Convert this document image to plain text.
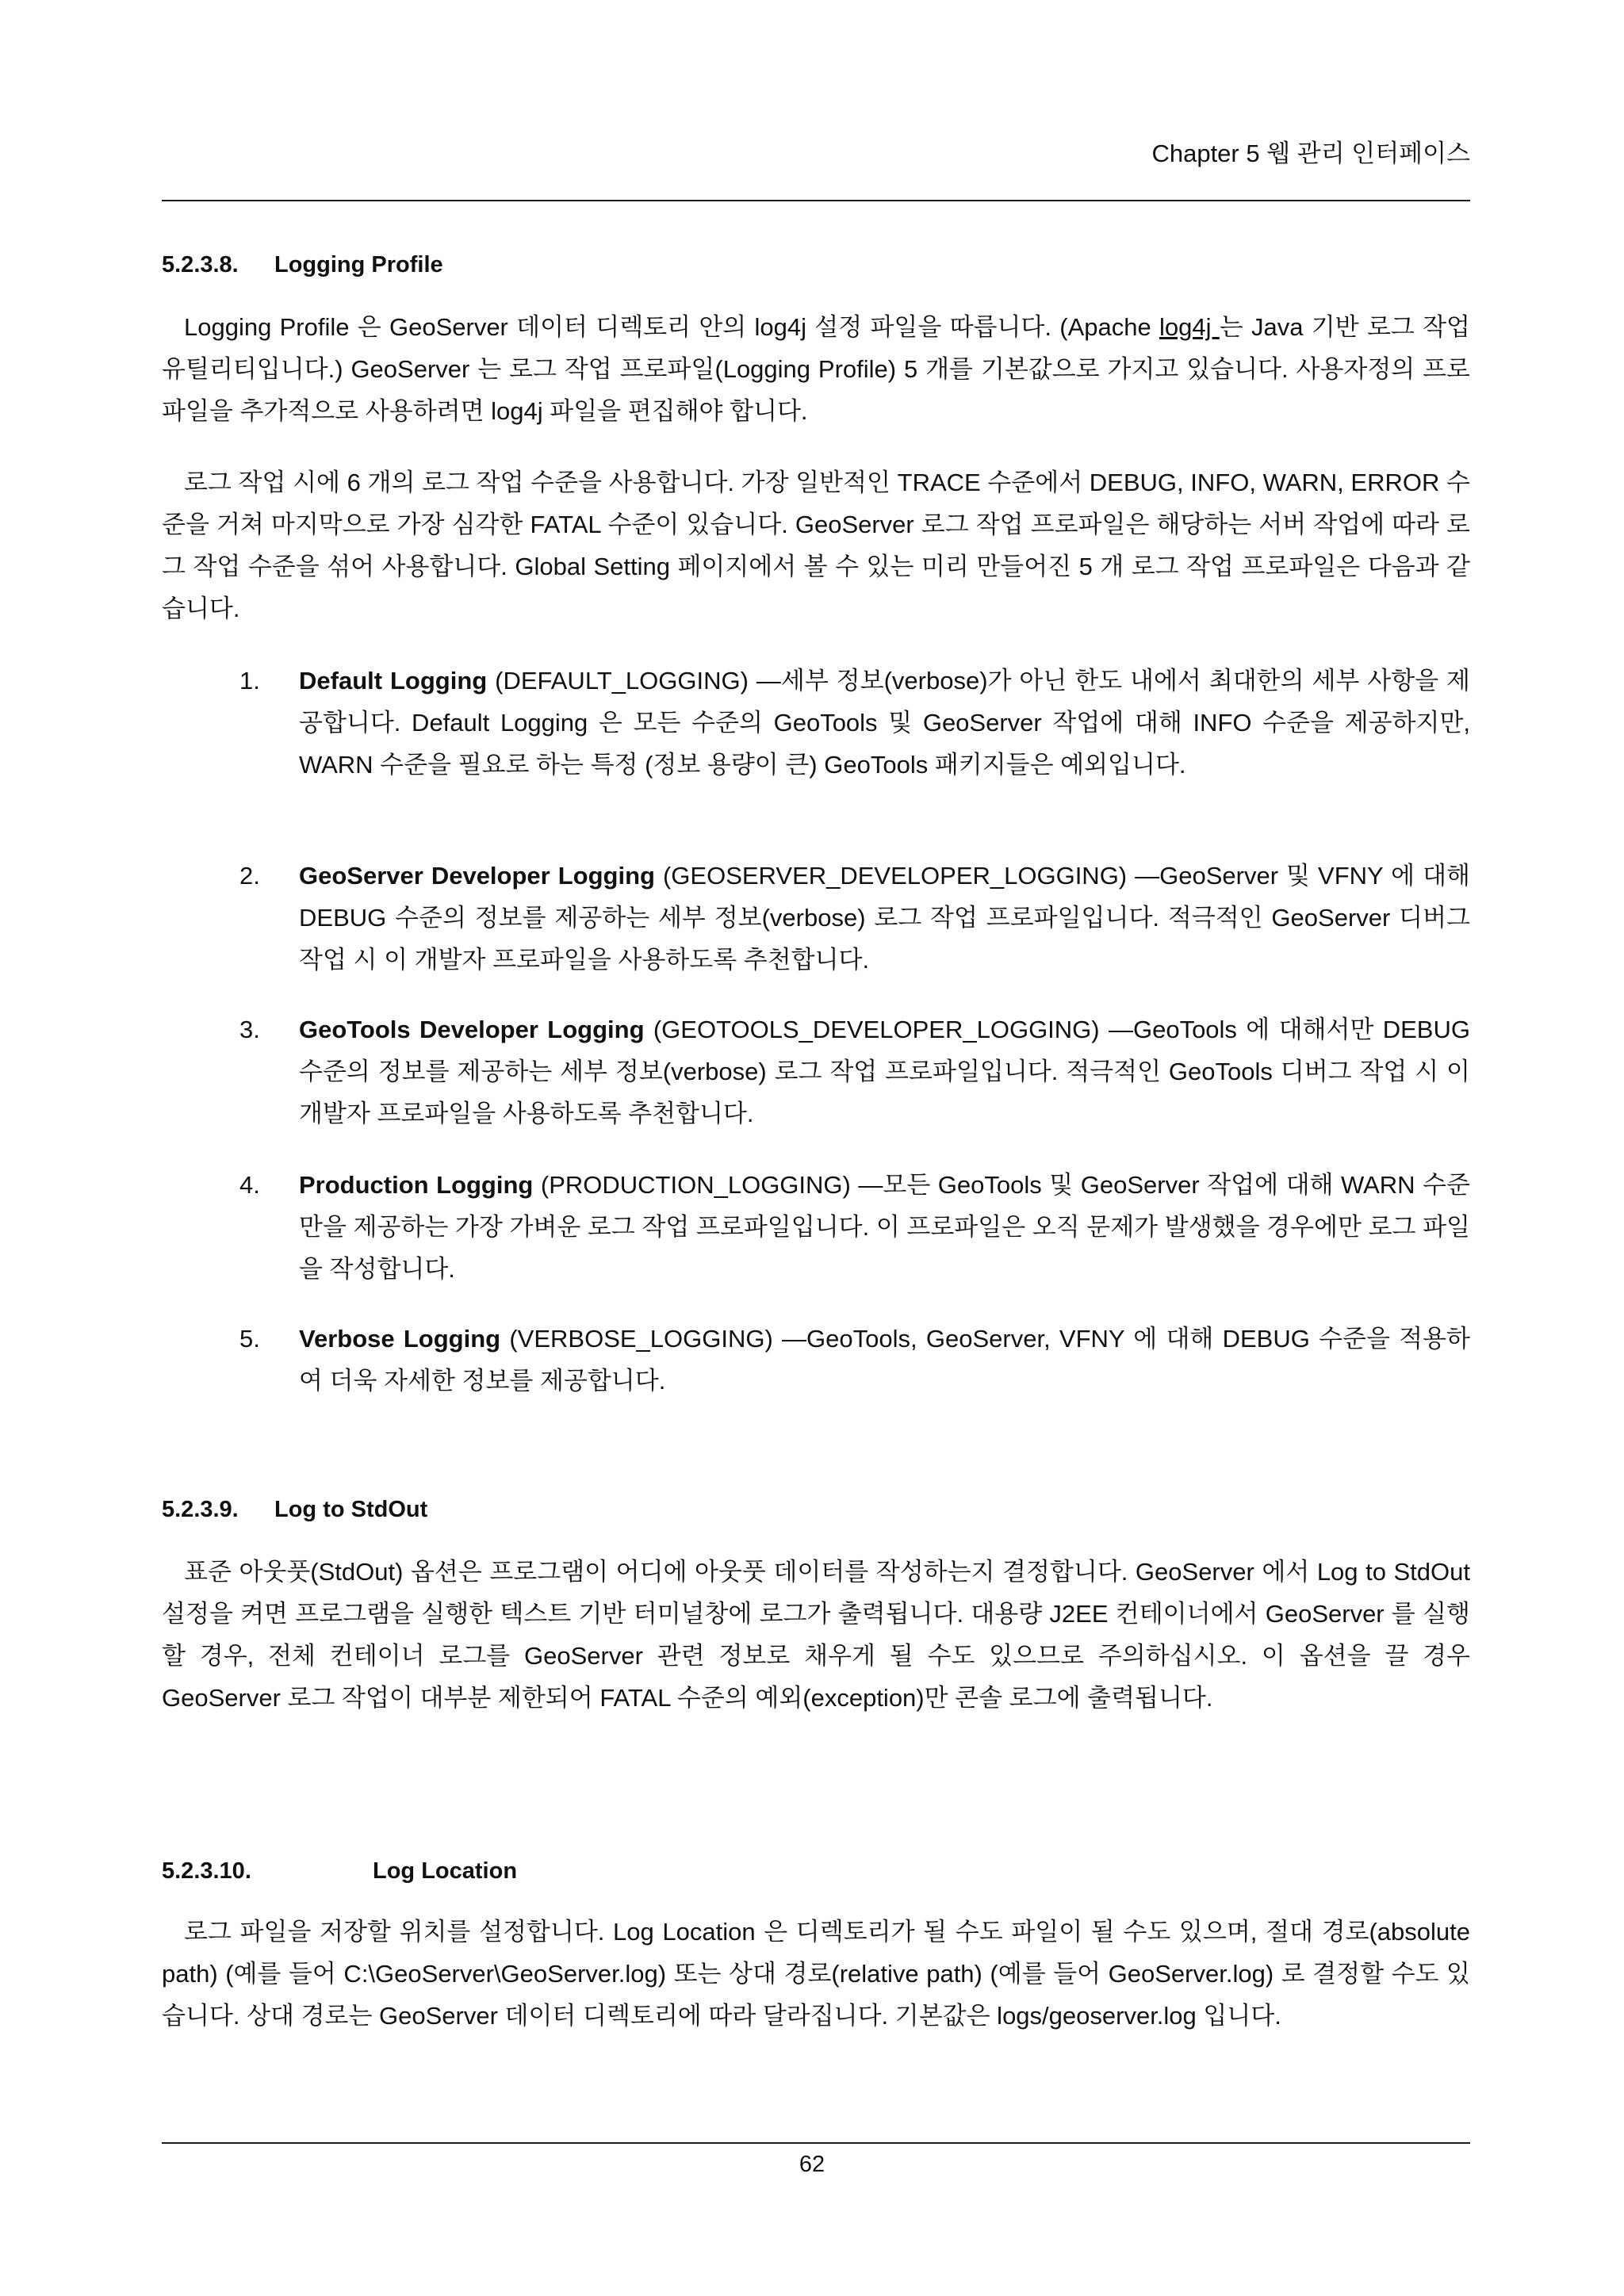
Chapter 5 웹 관리 인터페이스
5.2.3.8. Logging Profile
Logging Profile 은 GeoServer 데이터 디렉토리 안의 log4j 설정 파일을 따릅니다. (Apache log4j 는 Java 기반 로그 작업 유틸리티입니다.) GeoServer 는 로그 작업 프로파일(Logging Profile) 5 개를 기본값으로 가지고 있습니다. 사용자정의 프로파일을 추가적으로 사용하려면 log4j 파일을 편집해야 합니다.
로그 작업 시에 6 개의 로그 작업 수준을 사용합니다. 가장 일반적인 TRACE 수준에서 DEBUG, INFO, WARN, ERROR 수준을 거쳐 마지막으로 가장 심각한 FATAL 수준이 있습니다. GeoServer 로그 작업 프로파일은 해당하는 서버 작업에 따라 로그 작업 수준을 섞어 사용합니다. Global Setting 페이지에서 볼 수 있는 미리 만들어진 5 개 로그 작업 프로파일은 다음과 같습니다.
1.	Default Logging (DEFAULT_LOGGING) —세부 정보(verbose)가 아닌 한도 내에서 최대한의 세부 사항을 제공합니다. Default Logging 은 모든 수준의 GeoTools 및 GeoServer 작업에 대해 INFO 수준을 제공하지만, WARN 수준을 필요로 하는 특정 (정보 용량이 큰) GeoTools 패키지들은 예외입니다.
2.	GeoServer Developer Logging (GEOSERVER_DEVELOPER_LOGGING) —GeoServer 및 VFNY 에 대해 DEBUG 수준의 정보를 제공하는 세부 정보(verbose) 로그 작업 프로파일입니다. 적극적인 GeoServer 디버그 작업 시 이 개발자 프로파일을 사용하도록 추천합니다.
3.	GeoTools Developer Logging (GEOTOOLS_DEVELOPER_LOGGING) —GeoTools 에 대해서만 DEBUG 수준의 정보를 제공하는 세부 정보(verbose) 로그 작업 프로파일입니다. 적극적인 GeoTools 디버그 작업 시 이 개발자 프로파일을 사용하도록 추천합니다.
4.	Production Logging (PRODUCTION_LOGGING) —모든 GeoTools 및 GeoServer 작업에 대해 WARN 수준만을 제공하는 가장 가벼운 로그 작업 프로파일입니다. 이 프로파일은 오직 문제가 발생했을 경우에만 로그 파일을 작성합니다.
5.	Verbose Logging (VERBOSE_LOGGING) —GeoTools, GeoServer, VFNY 에 대해 DEBUG 수준을 적용하여 더욱 자세한 정보를 제공합니다.
5.2.3.9. Log to StdOut
표준 아웃풋(StdOut) 옵션은 프로그램이 어디에 아웃풋 데이터를 작성하는지 결정합니다. GeoServer 에서 Log to StdOut 설정을 켜면 프로그램을 실행한 텍스트 기반 터미널창에 로그가 출력됩니다. 대용량 J2EE 컨테이너에서 GeoServer 를 실행할 경우, 전체 컨테이너 로그를 GeoServer 관련 정보로 채우게 될 수도 있으므로 주의하십시오. 이 옵션을 끌 경우 GeoServer 로그 작업이 대부분 제한되어 FATAL 수준의 예외(exception)만 콘솔 로그에 출력됩니다.
5.2.3.10.	Log Location
로그 파일을 저장할 위치를 설정합니다. Log Location 은 디렉토리가 될 수도 파일이 될 수도 있으며, 절대 경로(absolute path) (예를 들어 C:\GeoServer\GeoServer.log) 또는 상대 경로(relative path) (예를 들어 GeoServer.log) 로 결정할 수도 있습니다. 상대 경로는 GeoServer 데이터 디렉토리에 따라 달라집니다. 기본값은 logs/geoserver.log 입니다.
62
